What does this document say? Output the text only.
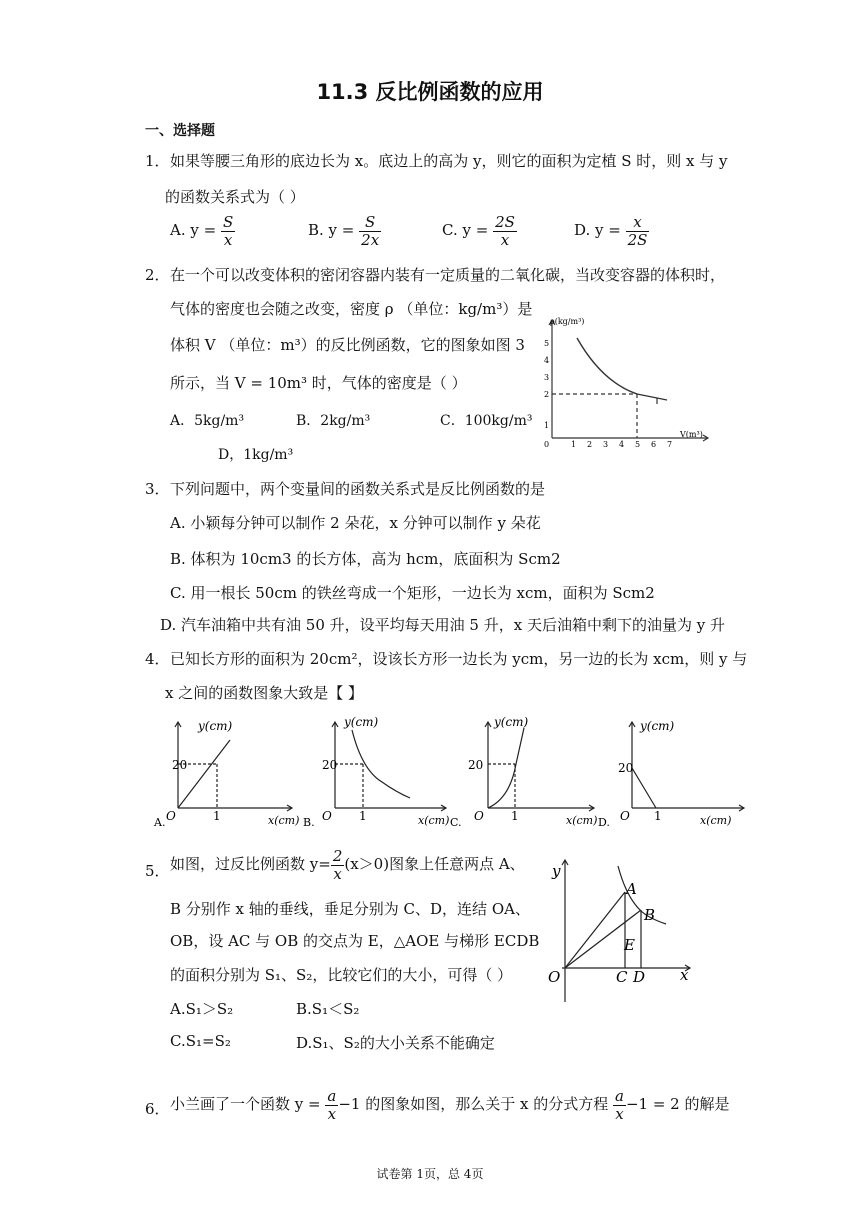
11.3 反比例函数的应用
一、选择题
1． 如果等腰三角形的底边长为 x。底边上的高为 y，则它的面积为定植 S 时，则 x 与 y
的函数关系式为（ ）
A. $y = \frac{S}{x}$	B. $y = \frac{S}{2x}$	C. $y = \frac{2S}{x}$	D. $y = \frac{x}{2S}$
2． 在一个可以改变体积的密闭容器内装有一定质量的二氧化碳，当改变容器的体积时，
气体的密度也会随之改变，密度 ρ （单位：kg/m³）是
体积 V （单位：m³）的反比例函数，它的图象如图 3
所示，当 V = 10m³ 时，气体的密度是（ ）
A．5kg/m³	B．2kg/m³	C．100kg/m³
D，1kg/m³
ρ(kg/m³)
V(m³)
0	1 2 3 4 5 6 7
1
2
3
4
5
3． 下列问题中，两个变量间的函数关系式是反比例函数的是
A. 小颖每分钟可以制作 2 朵花，x 分钟可以制作 y 朵花
B. 体积为 10cm3 的长方体，高为 hcm，底面积为 Scm2
C. 用一根长 50cm 的铁丝弯成一个矩形，一边长为 xcm，面积为 Scm2
D. 汽车油箱中共有油 50 升，设平均每天用油 5 升，x 天后油箱中剩下的油量为 y 升
4． 已知长方形的面积为 20cm²，设该长方形一边长为 ycm，另一边的长为 xcm，则 y 与
x 之间的函数图象大致是【 】
y(cm)
20
O	1	x(cm)
A.
y(cm)
20
O 1	x(cm)
B.
y(cm)
20
O 1	x(cm)
C.
y(cm)
20
O 1	x(cm)
D.
5． 如图，过反比例函数 $y= \frac{2}{x} (x>0)$图象上任意两点 A、
B 分别作 x 轴的垂线，垂足分别为 C、D，连结 OA、
OB，设 AC 与 OB 的交点为 E，△AOE 与梯形 ECDB
的面积分别为 S₁、S₂，比较它们的大小，可得（ ）
A.S₁＞S₂	B.S₁＜S₂
C.S₁=S₂	D.S₁、S₂的大小关系不能确定
y
x
O
A
B
C D
E
6． 小兰画了一个函数 $y = \frac{a}{x} -1$ 的图象如图，那么关于 x 的分式方程 $\frac{a}{x} -1 = 2$ 的解是
试卷第 1页，总 4页
